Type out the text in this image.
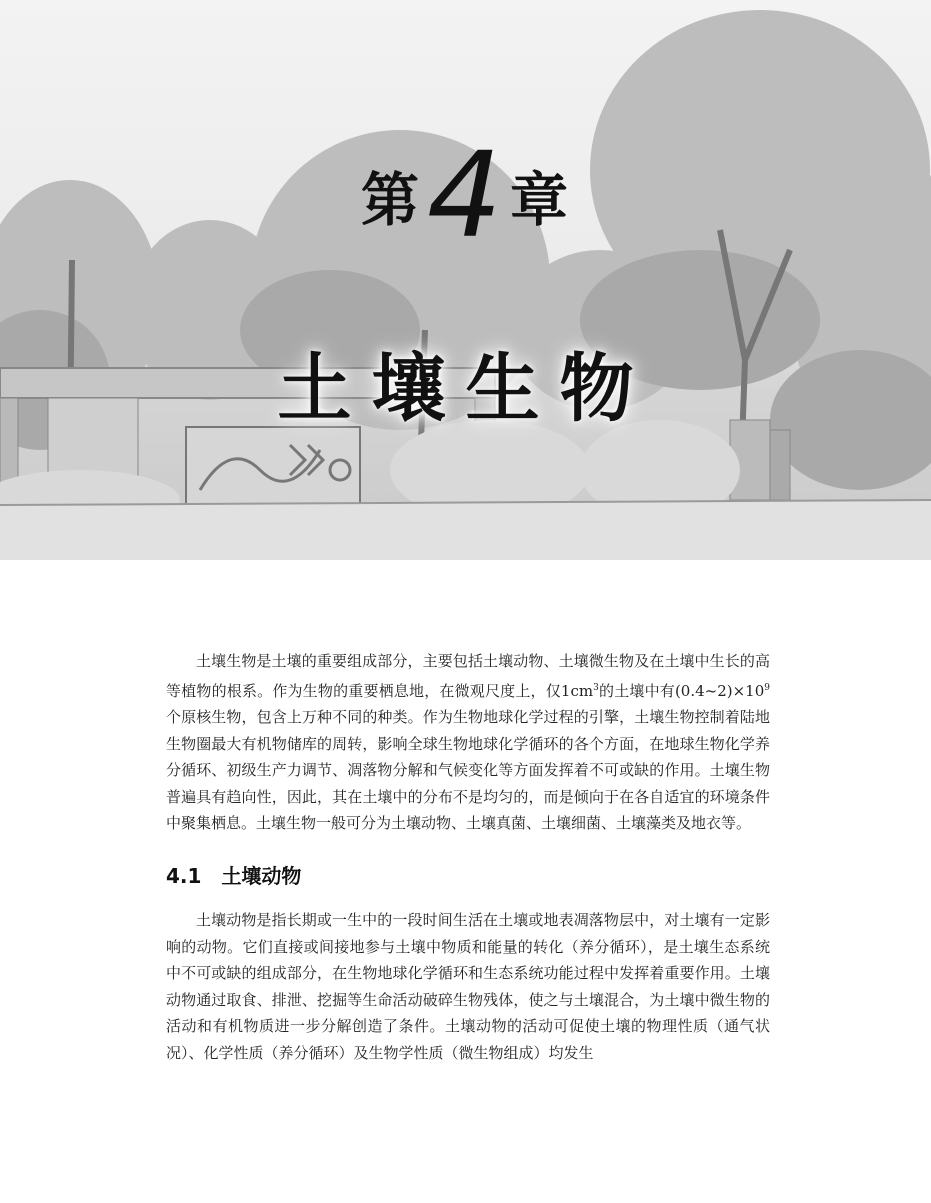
第4 章
土壤生物

土壤生物是土壤的重要组成部分，主要包括土壤动物、土壤微生物及在土壤中生长的高等植物的根系。作为生物的重要栖息地，在微观尺度上，仅$1cm^3$的土壤中有$(0.4\sim 2)\times 10^9$个原核生物，包含上万种不同的种类。作为生物地球化学过程的引擎，土壤生物控制着陆地生物圈最大有机物储库的周转，影响全球生物地球化学循环的各个方面，在地球生物化学养分循环、初级生产力调节、凋落物分解和气候变化等方面发挥着不可或缺的作用。土壤生物普遍具有趋向性，因此，其在土壤中的分布不是均匀的，而是倾向于在各自适宜的环境条件中聚集栖息。土壤生物一般可分为土壤动物、土壤真菌、土壤细菌、土壤藻类及地衣等。

4.1 土壤动物

土壤动物是指长期或一生中的一段时间生活在土壤或地表凋落物层中，对土壤有一定影响的动物。它们直接或间接地参与土壤中物质和能量的转化（养分循环），是土壤生态系统中不可或缺的组成部分，在生物地球化学循环和生态系统功能过程中发挥着重要作用。土壤动物通过取食、排泄、挖掘等生命活动破碎生物残体，使之与土壤混合，为土壤中微生物的活动和有机物质进一步分解创造了条件。土壤动物的活动可促使土壤的物理性质（通气状况）、化学性质（养分循环）及生物学性质（微生物组成）均发生
